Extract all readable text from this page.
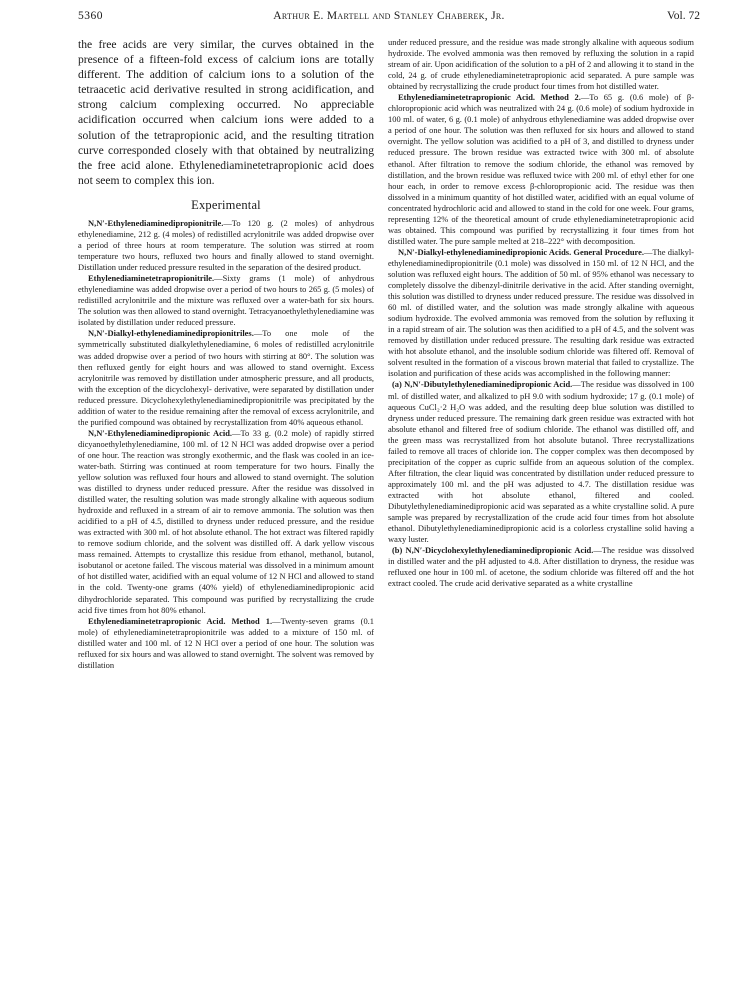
5360	Arthur E. Martell and Stanley Chaberek, Jr.	Vol. 72

the free acids are very similar, the curves obtained in the presence of a fifteen-fold excess of calcium ions are totally different. The addition of calcium ions to a solution of the tetraacetic acid derivative resulted in strong acidification, and strong calcium complexing occurred. No appreciable acidification occurred when calcium ions were added to a solution of the tetrapropionic acid, and the resulting titration curve corresponded closely with that obtained by neutralizing the free acid alone. Ethylenediaminetetrapropionic acid does not seem to complex this ion.

Experimental

N,N′-Ethylenediaminedipropionitrile.—To 120 g. (2 moles) of anhydrous ethylenediamine, 212 g. (4 moles) of redistilled acrylonitrile was added dropwise over a period of three hours at room temperature. The solution was stirred at room temperature two hours, refluxed two hours and finally allowed to stand overnight. Distillation under reduced pressure resulted in the separation of the desired product.

Ethylenediaminetetrapropionitrile.—Sixty grams (1 mole) of anhydrous ethylenediamine was added dropwise over a period of two hours to 265 g. (5 moles) of redistilled acrylonitrile and the mixture was refluxed over a water-bath for six hours. The solution was then allowed to stand overnight. Tetracyanoethylethylenediamine was isolated by distillation under reduced pressure.

N,N′-Dialkyl-ethylenediaminedipropionitriles.—To one mole of the symmetrically substituted dialkylethylenediamine, 6 moles of redistilled acrylonitrile was added dropwise over a period of two hours with stirring at 80°. The solution was then refluxed gently for eight hours and was allowed to stand overnight. Excess acrylonitrile was removed by distillation under atmospheric pressure, and all products, with the exception of the dicyclohexyl- derivative, were separated by distillation under reduced pressure. Dicyclohexylethylenediaminedipropionitrile was precipitated by the addition of water to the residue remaining after the removal of excess acrylonitrile, and the purified compound was obtained by recrystallization from 40% aqueous ethanol.

N,N′-Ethylenediaminedipropionic Acid.—To 33 g. (0.2 mole) of rapidly stirred dicyanoethylethylenediamine, 100 ml. of 12 N HCl was added dropwise over a period of one hour. The reaction was strongly exothermic, and the flask was cooled in an ice-water-bath. Stirring was continued at room temperature for two hours. Finally the yellow solution was refluxed four hours and allowed to stand overnight. The solution was distilled to dryness under reduced pressure. After the residue was dissolved in distilled water, the resulting solution was made strongly alkaline with aqueous sodium hydroxide and refluxed in a stream of air to remove ammonia. The solution was then acidified to a pH of 4.5, distilled to dryness under reduced pressure, and the residue was extracted with 300 ml. of hot absolute ethanol. The hot extract was filtered rapidly to remove sodium chloride, and the solvent was distilled off. A dark yellow viscous mass remained. Attempts to crystallize this residue from ethanol, methanol, butanol, isobutanol or acetone failed. The viscous material was dissolved in a minimum amount of hot distilled water, acidified with an equal volume of 12 N HCl and allowed to stand in the cold. Twenty-one grams (40% yield) of ethylenediaminedipropionic acid dihydrochloride separated. This compound was purified by recrystallizing the crude acid five times from hot 80% ethanol.

Ethylenediaminetetrapropionic Acid. Method 1.—Twenty-seven grams (0.1 mole) of ethylenediaminetetrapropionitrile was added to a mixture of 150 ml. of distilled water and 100 ml. of 12 N HCl over a period of one hour. The solution was refluxed for six hours and was allowed to stand overnight. The solvent was removed by distillation

under reduced pressure, and the residue was made strongly alkaline with aqueous sodium hydroxide. The evolved ammonia was then removed by refluxing the solution in a rapid stream of air. Upon acidification of the solution to a pH of 2 and allowing it to stand in the cold, 24 g. of crude ethylenediaminetetrapropionic acid separated. A pure sample was obtained by recrystallizing the crude product four times from hot distilled water.

Ethylenediaminetetrapropionic Acid. Method 2.—To 65 g. (0.6 mole) of β-chloropropionic acid which was neutralized with 24 g. (0.6 mole) of sodium hydroxide in 100 ml. of water, 6 g. (0.1 mole) of anhydrous ethylenediamine was added dropwise over a period of one hour. The solution was then refluxed for six hours and allowed to stand overnight. The yellow solution was acidified to a pH of 3, and distilled to dryness under reduced pressure. The brown residue was extracted twice with 300 ml. of absolute ethanol. After filtration to remove the sodium chloride, the ethanol was removed by distillation, and the brown residue was refluxed twice with 200 ml. of ethyl ether for one hour each, in order to remove excess β-chloropropionic acid. The residue was then dissolved in a minimum quantity of hot distilled water, acidified with an equal volume of concentrated hydrochloric acid and allowed to stand in the cold for one week. Four grams, representing 12% of the theoretical amount of crude ethylenediaminetetrapropionic acid was obtained. This compound was purified by recrystallizing it four times from hot distilled water. The pure sample melted at 218–222° with decomposition.

N,N′-Dialkyl-ethylenediaminedipropionic Acids. General Procedure.—The dialkyl-ethylenediaminedipropionitrile (0.1 mole) was dissolved in 150 ml. of 12 N HCl, and the solution was refluxed eight hours. The addition of 50 ml. of 95% ethanol was necessary to completely dissolve the dibenzyl-dinitrile derivative in the acid. After standing overnight, this solution was distilled to dryness under reduced pressure. The residue was dissolved in 60 ml. of distilled water, and the solution was made strongly alkaline with aqueous sodium hydroxide. The evolved ammonia was removed from the solution by refluxing it in a rapid stream of air. The solution was then acidified to a pH of 4.5, and the solvent was removed by distillation under reduced pressure. The resulting dark residue was extracted with hot absolute ethanol, and the insoluble sodium chloride was filtered off. Removal of solvent resulted in the formation of a viscous brown material that failed to crystallize. The isolation and purification of these acids was accomplished in the following manner:

(a) N,N′-Dibutylethylenediaminedipropionic Acid.—The residue was dissolved in 100 ml. of distilled water, and alkalized to pH 9.0 with sodium hydroxide; 17 g. (0.1 mole) of aqueous CuCl₂·2 H₂O was added, and the resulting deep blue solution was distilled to dryness under reduced pressure. The remaining dark green residue was extracted with hot absolute ethanol and filtered free of sodium chloride. The ethanol was distilled off, and the green mass was recrystallized from hot absolute butanol. Three recrystallizations failed to remove all traces of chloride ion. The copper complex was then decomposed by precipitation of the copper as cupric sulfide from an aqueous solution of the complex. After filtration, the clear liquid was concentrated by distillation under reduced pressure to approximately 100 ml. and the pH was adjusted to 4.7. The distillation residue was extracted with hot absolute ethanol, filtered and cooled. Dibutylethylenediaminedipropionic acid was separated as a white crystalline solid. A pure sample was prepared by recrystallization of the crude acid four times from hot absolute ethanol. Dibutylethylenediaminedipropionic acid is a colorless crystalline solid having a waxy luster.

(b) N,N′-Dicyclohexylethylenediaminedipropionic Acid.—The residue was dissolved in distilled water and the pH adjusted to 4.8. After distillation to dryness, the residue was refluxed one hour in 100 ml. of acetone, the sodium chloride was filtered off and the hot extract cooled. The crude acid derivative separated as a white crystalline
